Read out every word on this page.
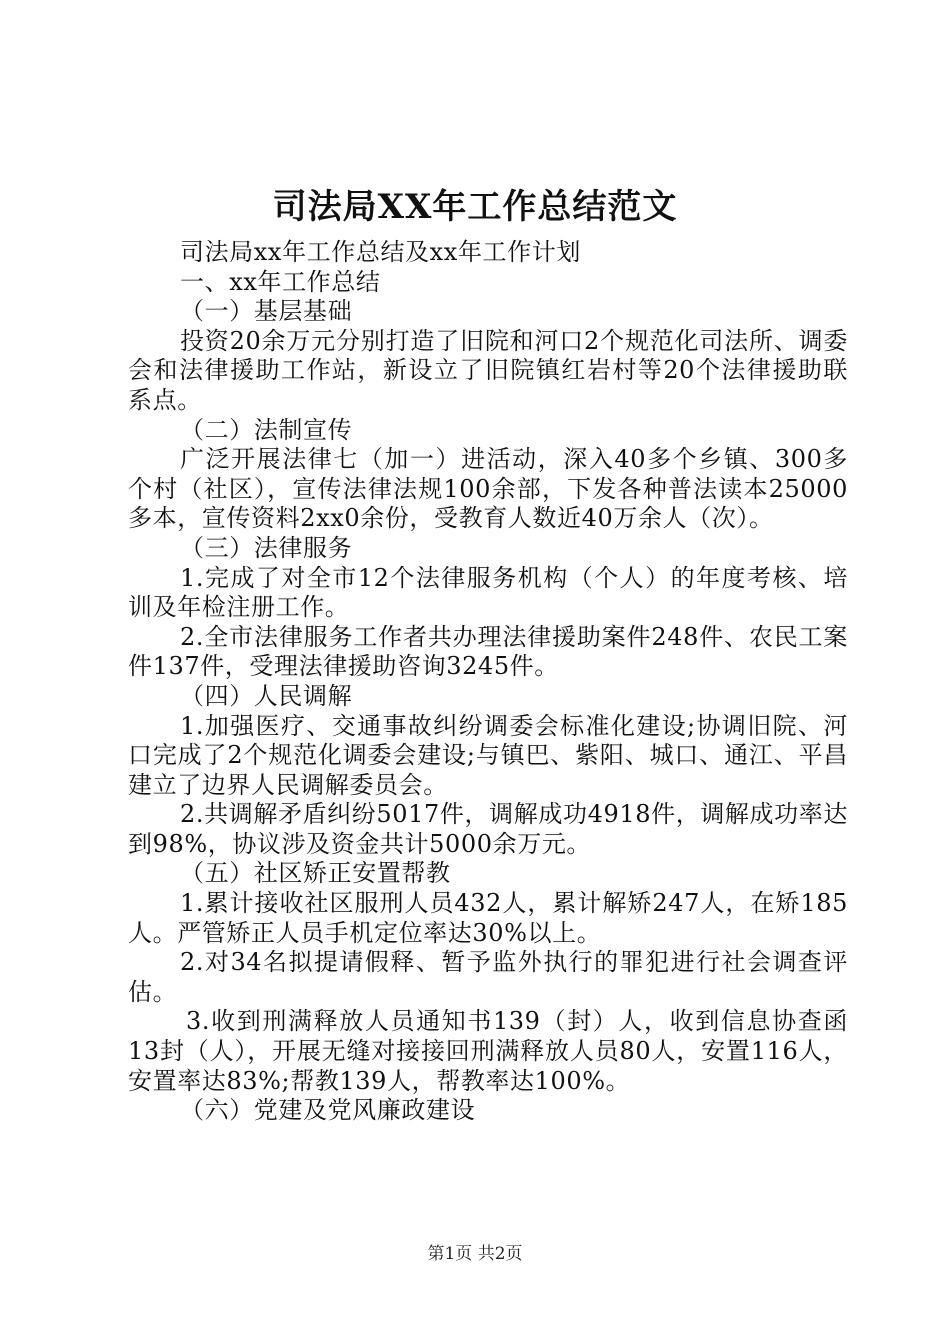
司法局XX年工作总结范文

司法局xx年工作总结及xx年工作计划

一、xx年工作总结

（一）基层基础

投资20余万元分别打造了旧院和河口2个规范化司法所、调委会和法律援助工作站，新设立了旧院镇红岩村等20个法律援助联系点。

（二）法制宣传

广泛开展法律七（加一）进活动，深入40多个乡镇、300多个村（社区），宣传法律法规100余部，下发各种普法读本25000多本，宣传资料2xx0余份，受教育人数近40万余人（次）。

（三）法律服务

1.完成了对全市12个法律服务机构（个人）的年度考核、培训及年检注册工作。

2.全市法律服务工作者共办理法律援助案件248件、农民工案件137件，受理法律援助咨询3245件。

（四）人民调解

1.加强医疗、交通事故纠纷调委会标准化建设;协调旧院、河口完成了2个规范化调委会建设;与镇巴、紫阳、城口、通江、平昌建立了边界人民调解委员会。

2.共调解矛盾纠纷5017件，调解成功4918件，调解成功率达到98%，协议涉及资金共计5000余万元。

（五）社区矫正安置帮教

1.累计接收社区服刑人员432人，累计解矫247人，在矫185人。严管矫正人员手机定位率达30%以上。

2.对34名拟提请假释、暂予监外执行的罪犯进行社会调查评估。

3.收到刑满释放人员通知书139（封）人，收到信息协查函13封（人），开展无缝对接接回刑满释放人员80人，安置116人，安置率达83%;帮教139人，帮教率达100%。

（六）党建及党风廉政建设

第1页 共2页
